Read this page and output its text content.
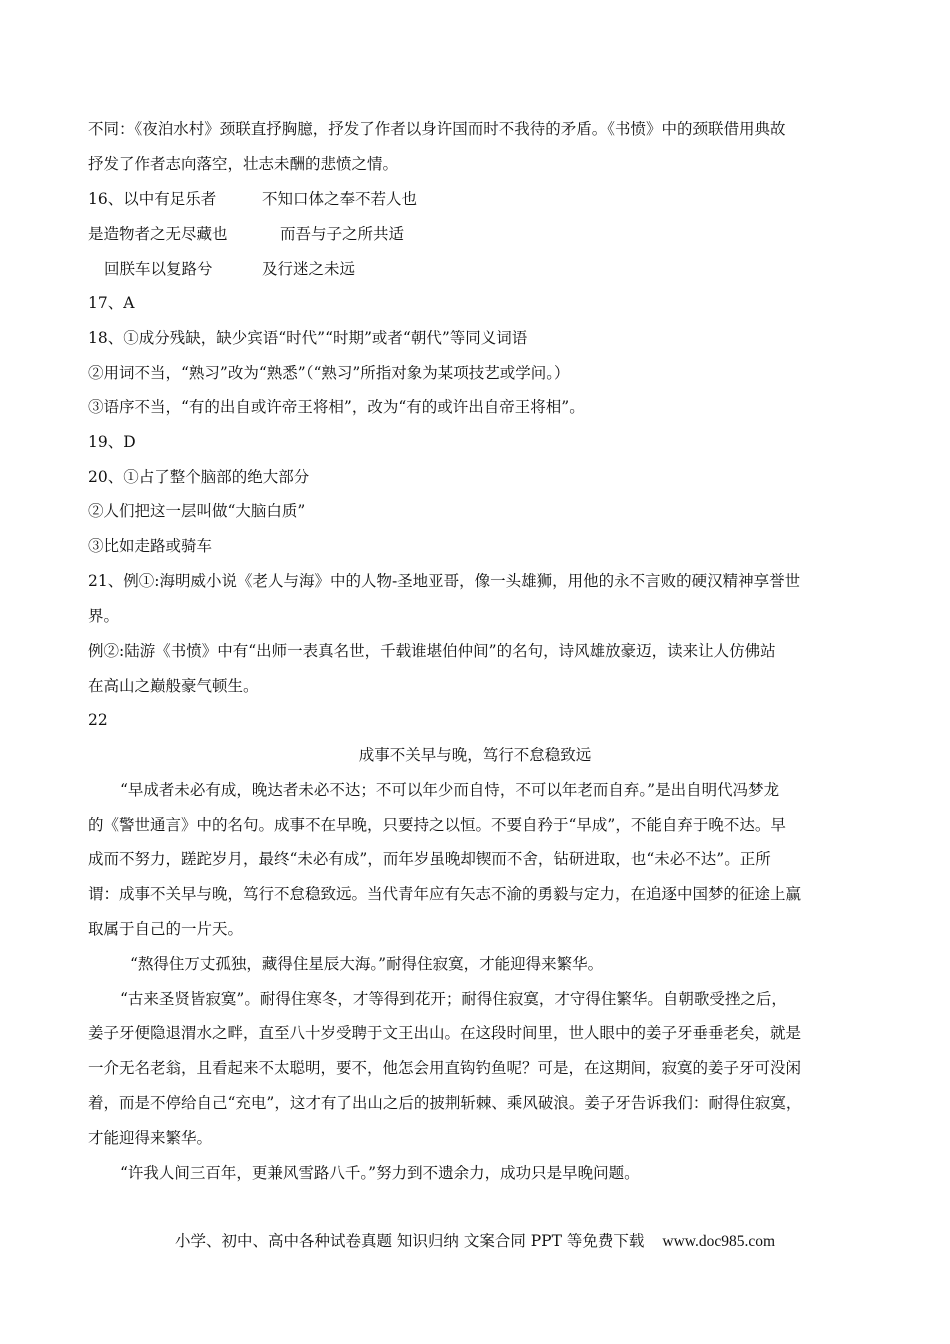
不同：《夜泊水村》颈联直抒胸臆，抒发了作者以身许国而时不我待的矛盾。《书愤》中的颈联借用典故
抒发了作者志向落空，壮志未酬的悲愤之情。
16、以中有足乐者	不知口体之奉不若人也
是造物者之无尽藏也	而吾与子之所共适
回朕车以复路兮	及行迷之未远
17、A
18、①成分残缺，缺少宾语“时代”“时期”或者“朝代”等同义词语
②用词不当，“熟习”改为“熟悉”（“熟习”所指对象为某项技艺或学问。）
③语序不当，“有的出自或许帝王将相”，改为“有的或许出自帝王将相”。
19、D
20、①占了整个脑部的绝大部分
②人们把这一层叫做“大脑白质”
③比如走路或骑车
21、例①:海明威小说《老人与海》中的人物-圣地亚哥，像一头雄狮，用他的永不言败的硬汉精神享誉世
界。
例②:陆游《书愤》中有“出师一表真名世，千载谁堪伯仲间”的名句，诗风雄放豪迈，读来让人仿佛站
在高山之巅般豪气顿生。
22
成事不关早与晚，笃行不怠稳致远
“早成者未必有成，晚达者未必不达；不可以年少而自恃，不可以年老而自弃。”是出自明代冯梦龙
的《警世通言》中的名句。成事不在早晚，只要持之以恒。不要自矜于“早成”，不能自弃于晚不达。早
成而不努力，蹉跎岁月，最终“未必有成”，而年岁虽晚却锲而不舍，钻研进取，也“未必不达”。正所
谓：成事不关早与晚，笃行不怠稳致远。当代青年应有矢志不渝的勇毅与定力，在追逐中国梦的征途上赢
取属于自己的一片天。
“熬得住万丈孤独，藏得住星辰大海。”耐得住寂寞，才能迎得来繁华。
“古来圣贤皆寂寞”。耐得住寒冬，才等得到花开；耐得住寂寞，才守得住繁华。自朝歌受挫之后，
姜子牙便隐退渭水之畔，直至八十岁受聘于文王出山。在这段时间里，世人眼中的姜子牙垂垂老矣，就是
一介无名老翁，且看起来不太聪明，要不，他怎会用直钩钓鱼呢？可是，在这期间，寂寞的姜子牙可没闲
着，而是不停给自己“充电”，这才有了出山之后的披荆斩棘、乘风破浪。姜子牙告诉我们：耐得住寂寞，
才能迎得来繁华。
“许我人间三百年，更兼风雪路八千。”努力到不遗余力，成功只是早晚问题。
小学、初中、高中各种试卷真题 知识归纳 文案合同 PPT 等免费下载 www.doc985.com
